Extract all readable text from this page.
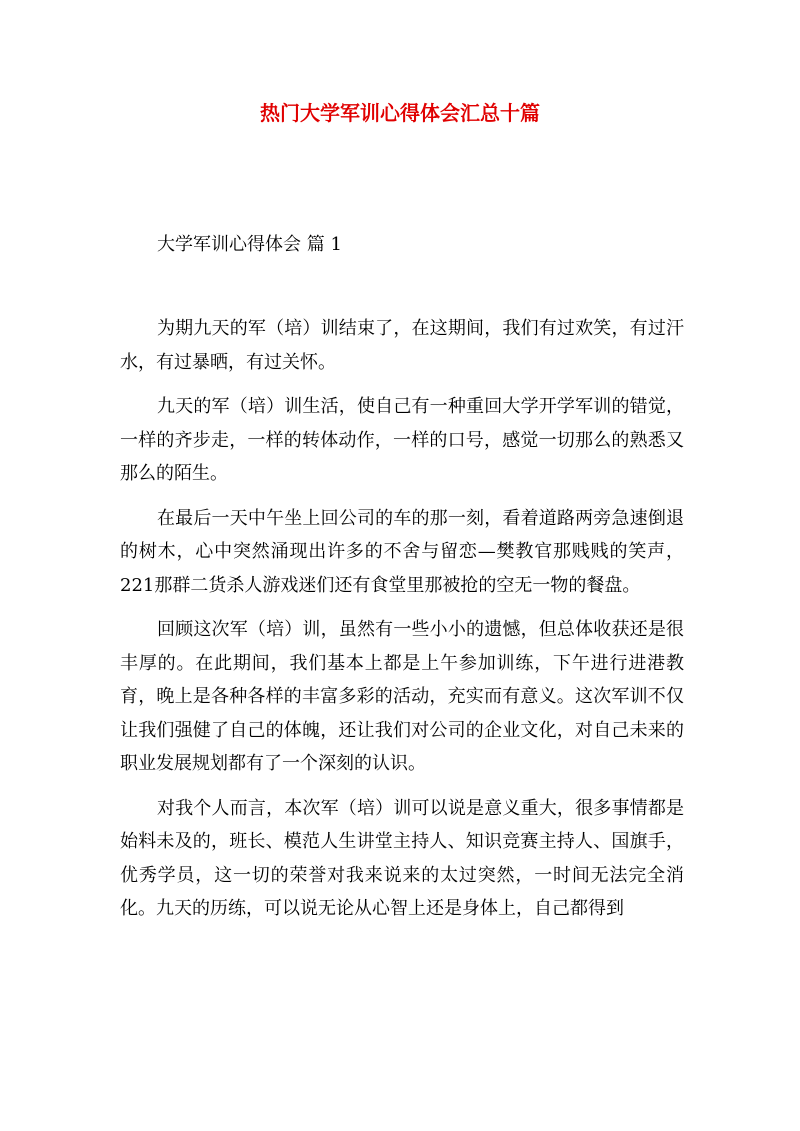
热门大学军训心得体会汇总十篇
大学军训心得体会 篇 1

为期九天的军（培）训结束了，在这期间，我们有过欢笑，有过汗水，有过暴晒，有过关怀。

九天的军（培）训生活，使自己有一种重回大学开学军训的错觉，一样的齐步走，一样的转体动作，一样的口号，感觉一切那么的熟悉又那么的陌生。

在最后一天中午坐上回公司的车的那一刻，看着道路两旁急速倒退的树木，心中突然涌现出许多的不舍与留恋—樊教官那贱贱的笑声，221那群二货杀人游戏迷们还有食堂里那被抢的空无一物的餐盘。

回顾这次军（培）训，虽然有一些小小的遗憾，但总体收获还是很丰厚的。在此期间，我们基本上都是上午参加训练，下午进行进港教育，晚上是各种各样的丰富多彩的活动，充实而有意义。这次军训不仅让我们强健了自己的体魄，还让我们对公司的企业文化，对自己未来的职业发展规划都有了一个深刻的认识。

对我个人而言，本次军（培）训可以说是意义重大，很多事情都是始料未及的，班长、模范人生讲堂主持人、知识竞赛主持人、国旗手，优秀学员，这一切的荣誉对我来说来的太过突然，一时间无法完全消化。九天的历练，可以说无论从心智上还是身体上，自己都得到
